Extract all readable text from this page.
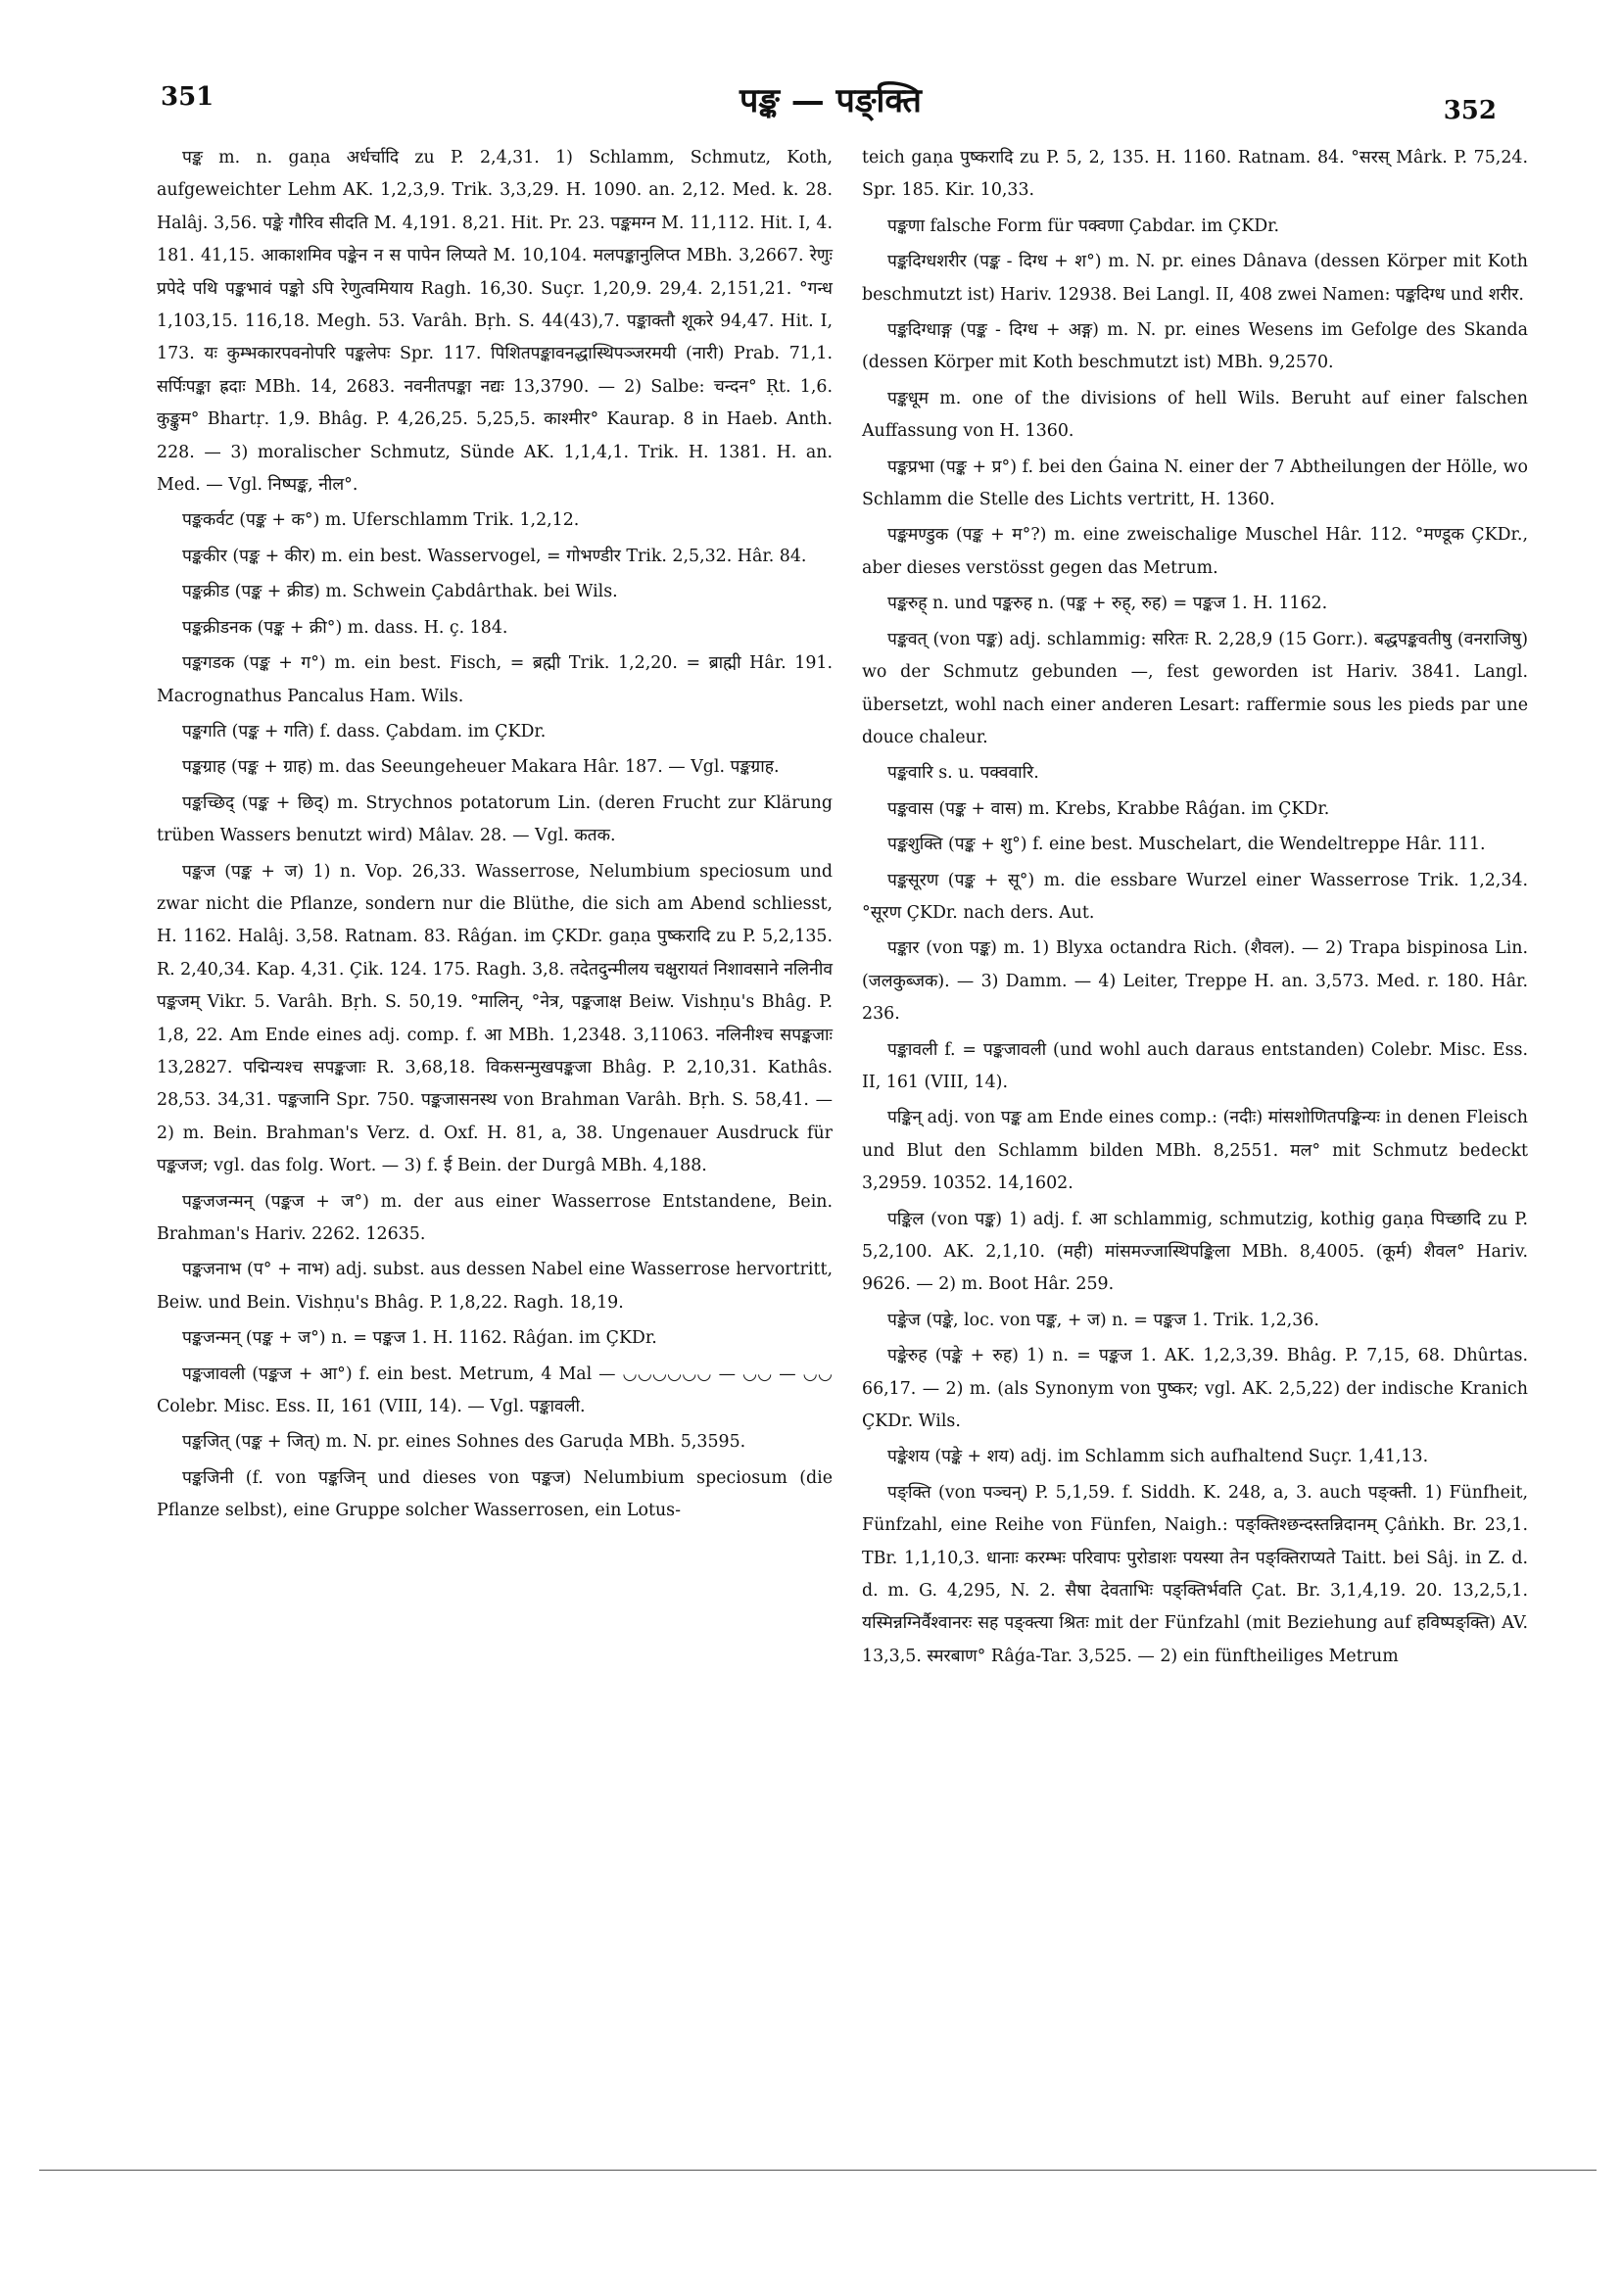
351	पङ्क — पङ्क्ति	352

पङ्क m. n. gaṇa अर्धर्चादि zu P. 2,4,31. 1) Schlamm, Schmutz, Koth, aufgeweichter Lehm AK. 1,2,3,9. Trik. 3,3,29. H. 1090. an. 2,12. Med. k. 28. Halâj. 3,56. पङ्के गौरिव सीदति M. 4,191. 8,21. Hit. Pr. 23. पङ्कमग्न M. 11,112. Hit. I, 4. 181. 41,15. आकाशमिव पङ्केन न स पापेन लिप्यते M. 10,104. मलपङ्कानुलिप्त MBh. 3,2667. रेणुः प्रपेदे पथि पङ्कभावं पङ्को ऽपि रेणुत्वमियाय Ragh. 16,30. Suçr. 1,20,9. 29,4. 2,151,21. °गन्ध 1,103,15. 116,18. Megh. 53. Varâh. Bṛh. S. 44(43),7. पङ्काक्तौ शूकरे 94,47. Hit. I, 173. यः कुम्भकारपवनोपरि पङ्कलेपः Spr. 117. पिशितपङ्कावनद्धास्थिपञ्जरमयी (नारी) Prab. 71,1. सर्पिःपङ्का ह्रदाः MBh. 14, 2683. नवनीतपङ्का नद्यः 13,3790. — 2) Salbe: चन्दन° Ṛt. 1,6. कुङ्कुम° Bhartṛ. 1,9. Bhâg. P. 4,26,25. 5,25,5. काश्मीर° Kaurap. 8 in Haeb. Anth. 228. — 3) moralischer Schmutz, Sünde AK. 1,1,4,1. Trik. H. 1381. H. an. Med. — Vgl. निष्पङ्क, नील°.

पङ्ककर्वट (पङ्क + क°) m. Uferschlamm Trik. 1,2,12.

पङ्ककीर (पङ्क + कीर) m. ein best. Wasservogel, = गोभण्डीर Trik. 2,5,32. Hâr. 84.

पङ्कक्रीड (पङ्क + क्रीड) m. Schwein Çabdârthak. bei Wils.

पङ्कक्रीडनक (पङ्क + क्री°) m. dass. H. ç. 184.

पङ्कगडक (पङ्क + ग°) m. ein best. Fisch, = ब्रह्मी Trik. 1,2,20. = ब्राह्मी Hâr. 191. Macrognathus Pancalus Ham. Wils.

पङ्कगति (पङ्क + गति) f. dass. Çabdam. im ÇKDr.

पङ्कग्राह (पङ्क + ग्राह) m. das Seeungeheuer Makara Hâr. 187. — Vgl. पङ्कग्राह.

पङ्कच्छिद् (पङ्क + छिद्) m. Strychnos potatorum Lin. (deren Frucht zur Klärung trüben Wassers benutzt wird) Mâlav. 28. — Vgl. कतक.

पङ्कज (पङ्क + ज) 1) n. Vop. 26,33. Wasserrose, Nelumbium speciosum und zwar nicht die Pflanze, sondern nur die Blüthe, die sich am Abend schliesst, H. 1162. Halâj. 3,58. Ratnam. 83. Râǵan. im ÇKDr. gaṇa पुष्करादि zu P. 5,2,135. R. 2,40,34. Kap. 4,31. Çik. 124. 175. Ragh. 3,8. तदेतदुन्मीलय चक्षुरायतं निशावसाने नलिनीव पङ्कजम् Vikr. 5. Varâh. Bṛh. S. 50,19. °मालिन्, °नेत्र, पङ्कजाक्ष Beiw. Vishṇu's Bhâg. P. 1,8, 22. Am Ende eines adj. comp. f. आ MBh. 1,2348. 3,11063. नलिनीश्च सपङ्कजाः 13,2827. पद्मिन्यश्च सपङ्कजाः R. 3,68,18. विकसन्मुखपङ्कजा Bhâg. P. 2,10,31. Kathâs. 28,53. 34,31. पङ्कजानि Spr. 750. पङ्कजासनस्थ von Brahman Varâh. Bṛh. S. 58,41. — 2) m. Bein. Brahman's Verz. d. Oxf. H. 81, a, 38. Ungenauer Ausdruck für पङ्कजज; vgl. das folg. Wort. — 3) f. ई Bein. der Durgâ MBh. 4,188.

पङ्कजजन्मन् (पङ्कज + ज°) m. der aus einer Wasserrose Entstandene, Bein. Brahman's Hariv. 2262. 12635.

पङ्कजनाभ (प° + नाभ) adj. subst. aus dessen Nabel eine Wasserrose hervortritt, Beiw. und Bein. Vishṇu's Bhâg. P. 1,8,22. Ragh. 18,19.

पङ्कजन्मन् (पङ्क + ज°) n. = पङ्कज 1. H. 1162. Râǵan. im ÇKDr.

पङ्कजावली (पङ्कज + आ°) f. ein best. Metrum, 4 Mal — ◡◡◡◡◡◡ — ◡◡ — ◡◡ Colebr. Misc. Ess. II, 161 (VIII, 14). — Vgl. पङ्कावली.

पङ्कजित् (पङ्क + जित्) m. N. pr. eines Sohnes des Garuḍa MBh. 5,3595.

पङ्कजिनी (f. von पङ्कजिन् und dieses von पङ्कज) Nelumbium speciosum (die Pflanze selbst), eine Gruppe solcher Wasserrosen, ein Lotus-

teich gaṇa पुष्करादि zu P. 5, 2, 135. H. 1160. Ratnam. 84. °सरस् Mârk. P. 75,24. Spr. 185. Kir. 10,33.

पङ्कणा falsche Form für पक्वणा Çabdar. im ÇKDr.

पङ्कदिग्धशरीर (पङ्क - दिग्ध + श°) m. N. pr. eines Dânava (dessen Körper mit Koth beschmutzt ist) Hariv. 12938. Bei Langl. II, 408 zwei Namen: पङ्कदिग्ध und शरीर.

पङ्कदिग्धाङ्ग (पङ्क - दिग्ध + अङ्ग) m. N. pr. eines Wesens im Gefolge des Skanda (dessen Körper mit Koth beschmutzt ist) MBh. 9,2570.

पङ्कधूम m. one of the divisions of hell Wils. Beruht auf einer falschen Auffassung von H. 1360.

पङ्कप्रभा (पङ्क + प्र°) f. bei den Ǵaina N. einer der 7 Abtheilungen der Hölle, wo Schlamm die Stelle des Lichts vertritt, H. 1360.

पङ्कमण्डुक (पङ्क + म°?) m. eine zweischalige Muschel Hâr. 112. °मण्डूक ÇKDr., aber dieses verstösst gegen das Metrum.

पङ्करुह् n. und पङ्करुह n. (पङ्क + रुह्, रुह) = पङ्कज 1. H. 1162.

पङ्कवत् (von पङ्क) adj. schlammig: सरितः R. 2,28,9 (15 Gorr.). बद्धपङ्कवतीषु (वनराजिषु) wo der Schmutz gebunden —, fest geworden ist Hariv. 3841. Langl. übersetzt, wohl nach einer anderen Lesart: raffermie sous les pieds par une douce chaleur.

पङ्कवारि s. u. पक्ववारि.

पङ्कवास (पङ्क + वास) m. Krebs, Krabbe Râǵan. im ÇKDr.

पङ्कशुक्ति (पङ्क + शु°) f. eine best. Muschelart, die Wendeltreppe Hâr. 111.

पङ्कसूरण (पङ्क + सू°) m. die essbare Wurzel einer Wasserrose Trik. 1,2,34. °सूरण ÇKDr. nach ders. Aut.

पङ्कार (von पङ्क) m. 1) Blyxa octandra Rich. (शैवल). — 2) Trapa bispinosa Lin. (जलकुब्जक). — 3) Damm. — 4) Leiter, Treppe H. an. 3,573. Med. r. 180. Hâr. 236.

पङ्कावली f. = पङ्कजावली (und wohl auch daraus entstanden) Colebr. Misc. Ess. II, 161 (VIII, 14).

पङ्किन् adj. von पङ्क am Ende eines comp.: (नदीः) मांसशोणितपङ्किन्यः in denen Fleisch und Blut den Schlamm bilden MBh. 8,2551. मल° mit Schmutz bedeckt 3,2959. 10352. 14,1602.

पङ्किल (von पङ्क) 1) adj. f. आ schlammig, schmutzig, kothig gaṇa पिच्छादि zu P. 5,2,100. AK. 2,1,10. (मही) मांसमज्जास्थिपङ्किला MBh. 8,4005. (कूर्म) शैवल° Hariv. 9626. — 2) m. Boot Hâr. 259.

पङ्केज (पङ्के, loc. von पङ्क, + ज) n. = पङ्कज 1. Trik. 1,2,36.

पङ्केरुह (पङ्के + रुह) 1) n. = पङ्कज 1. AK. 1,2,3,39. Bhâg. P. 7,15, 68. Dhûrtas. 66,17. — 2) m. (als Synonym von पुष्कर; vgl. AK. 2,5,22) der indische Kranich ÇKDr. Wils.

पङ्केशय (पङ्के + शय) adj. im Schlamm sich aufhaltend Suçr. 1,41,13.

पङ्क्ति (von पञ्चन्) P. 5,1,59. f. Siddh. K. 248, a, 3. auch पङ्क्ती. 1) Fünfheit, Fünfzahl, eine Reihe von Fünfen, Naigh.: पङ्क्तिश्छन्दस्तन्निदानम् Çâṅkh. Br. 23,1. TBr. 1,1,10,3. धानाः करम्भः परिवापः पुरोडाशः पयस्या तेन पङ्क्तिराप्यते Taitt. bei Sâj. in Z. d. d. m. G. 4,295, N. 2. सैषा देवताभिः पङ्क्तिर्भवति Çat. Br. 3,1,4,19. 20. 13,2,5,1. यस्मिन्नग्निर्वैश्वानरः सह पङ्क्त्या श्रितः mit der Fünfzahl (mit Beziehung auf हविष्पङ्क्ति) AV. 13,3,5. स्मरबाण° Râǵa-Tar. 3,525. — 2) ein fünftheiliges Metrum
